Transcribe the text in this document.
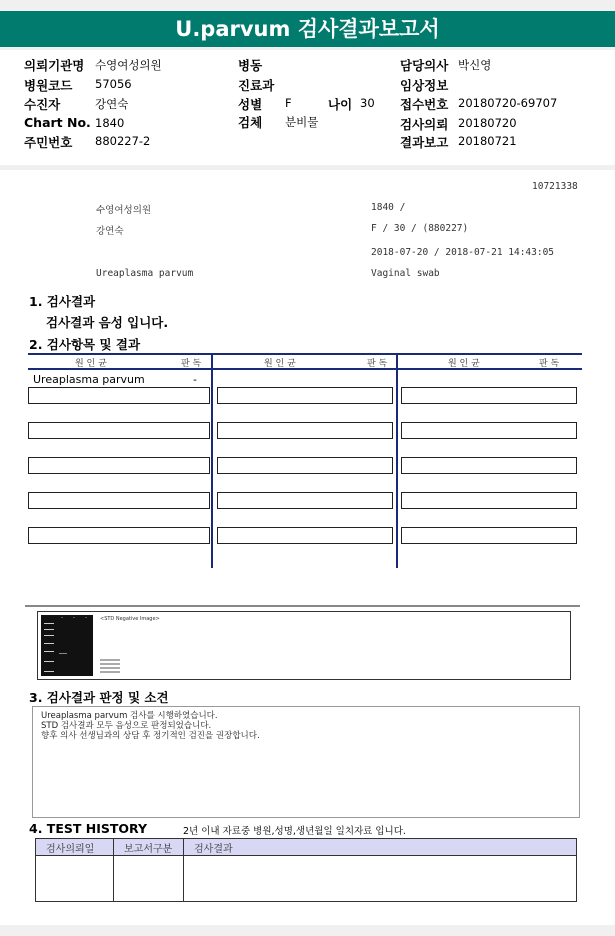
U.parvum 검사결과보고서
의뢰기관명 수영여성의원
병원코드 57056
수진자	강연숙
Chart No. 1840
주민번호 880227-2
병동
진료과
성별 F	나이 30
검체 분비물
담당의사 박신영
임상정보
접수번호 20180720-69707
검사의뢰 20180720
결과보고 20180721
10721338
수영여성의원	1840 /
강연숙	F / 30 / (880227)
2018-07-20 / 2018-07-21 14:43:05
Ureaplasma parvum	Vaginal swab
1. 검사결과
검사결과 음성 입니다.
2. 검사항목 및 결과
원 인 균	판 독	원 인 균	판 독	원 인 균	판 독
Ureaplasma parvum	-
<STD Negative Image>
3. 검사결과 판정 및 소견
Ureaplasma parvum 검사를 시행하였습니다.
STD 검사결과 모두 음성으로 판정되었습니다.
향후 의사 선생님과의 상담 후 정기적인 검진을 권장합니다.
4. TEST HISTORY	2년 이내 자료중 병원,성명,생년월일 일치자료 입니다.
검사의뢰일	보고서구분	검사결과
